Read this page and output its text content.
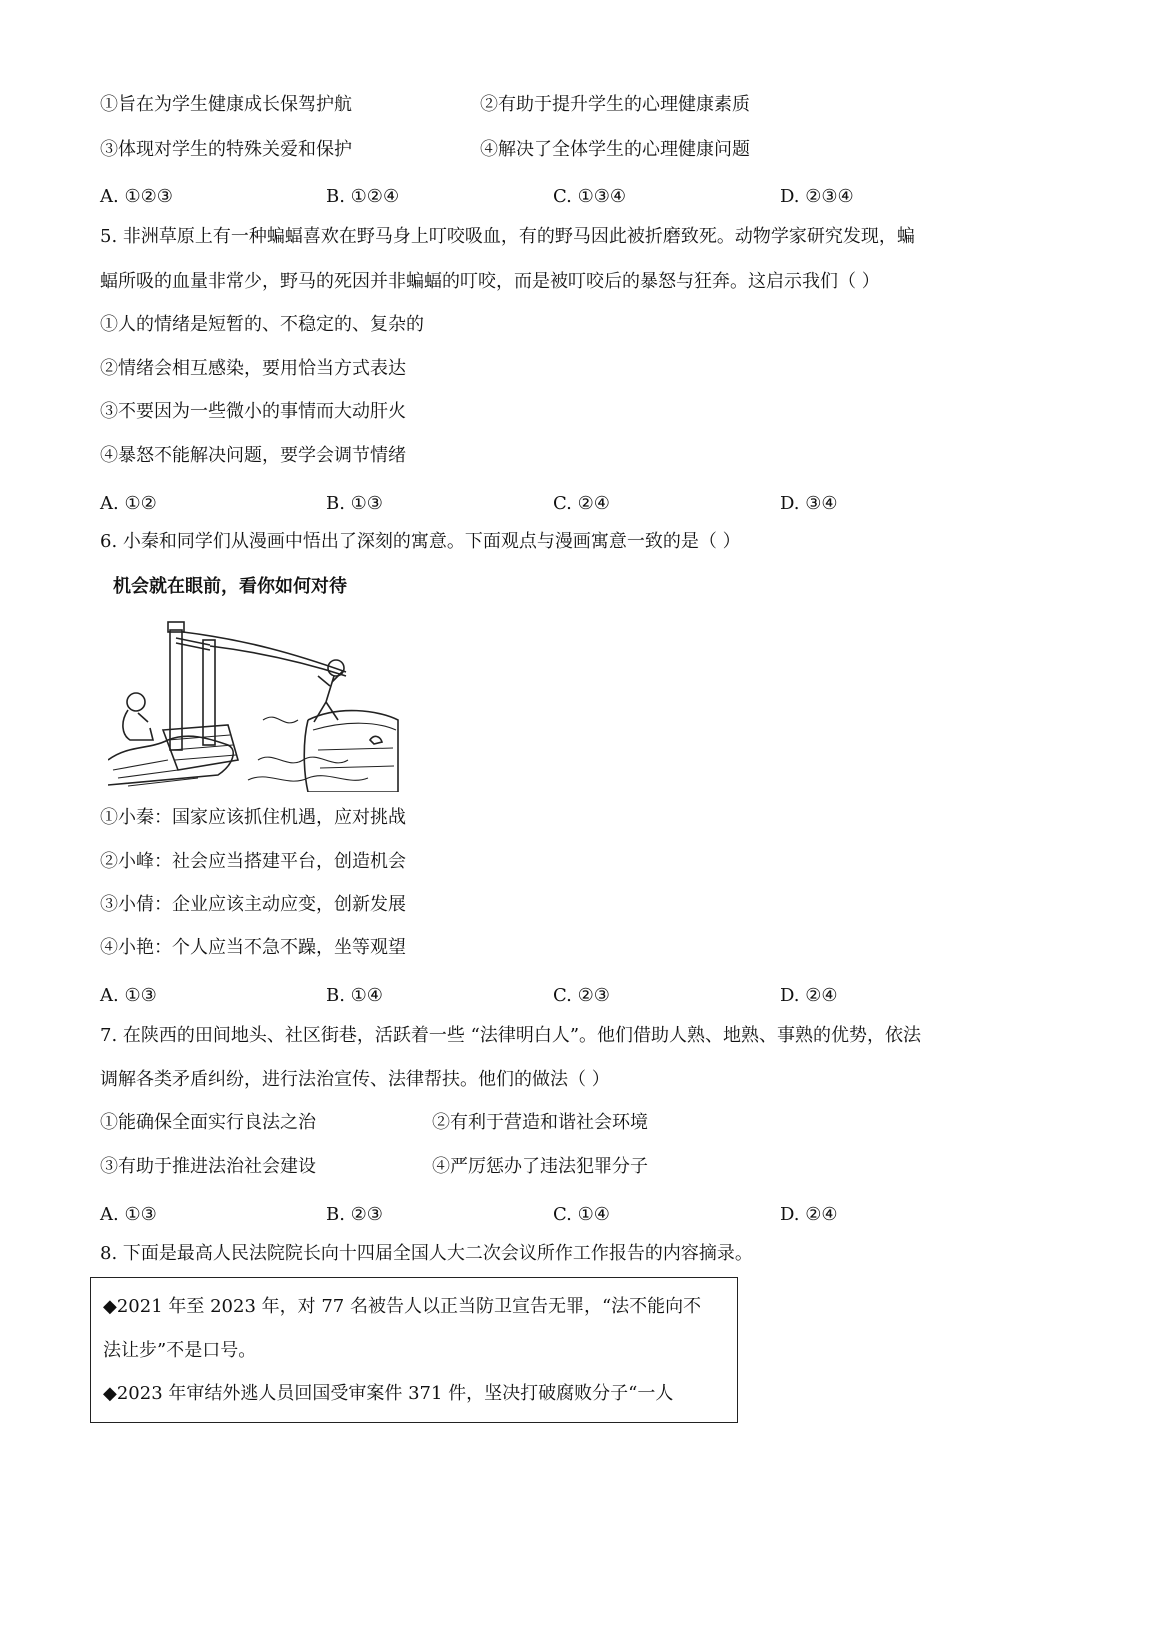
①旨在为学生健康成长保驾护航	②有助于提升学生的心理健康素质
③体现对学生的特殊关爱和保护	④解决了全体学生的心理健康问题
A. ①②③	B. ①②④	C. ①③④	D. ②③④
5. 非洲草原上有一种蝙蝠喜欢在野马身上叮咬吸血，有的野马因此被折磨致死。动物学家研究发现，蝙
蝠所吸的血量非常少，野马的死因并非蝙蝠的叮咬，而是被叮咬后的暴怒与狂奔。这启示我们（ ）
①人的情绪是短暂的、不稳定的、复杂的
②情绪会相互感染，要用恰当方式表达
③不要因为一些微小的事情而大动肝火
④暴怒不能解决问题，要学会调节情绪
A. ①②	B. ①③	C. ②④	D. ③④
6. 小秦和同学们从漫画中悟出了深刻的寓意。下面观点与漫画寓意一致的是（ ）
机会就在眼前，看你如何对待
①小秦：国家应该抓住机遇，应对挑战
②小峰：社会应当搭建平台，创造机会
③小倩：企业应该主动应变，创新发展
④小艳：个人应当不急不躁，坐等观望
A. ①③	B. ①④	C. ②③	D. ②④
7. 在陕西的田间地头、社区街巷，活跃着一些 “法律明白人”。他们借助人熟、地熟、事熟的优势，依法
调解各类矛盾纠纷，进行法治宣传、法律帮扶。他们的做法（ ）
①能确保全面实行良法之治	②有利于营造和谐社会环境
③有助于推进法治社会建设	④严厉惩办了违法犯罪分子
A. ①③	B. ②③	C. ①④	D. ②④
8. 下面是最高人民法院院长向十四届全国人大二次会议所作工作报告的内容摘录。
◆2021 年至 2023 年，对 77 名被告人以正当防卫宣告无罪，“法不能向不
法让步”不是口号。
◆2023 年审结外逃人员回国受审案件 371 件，坚决打破腐败分子“一人
